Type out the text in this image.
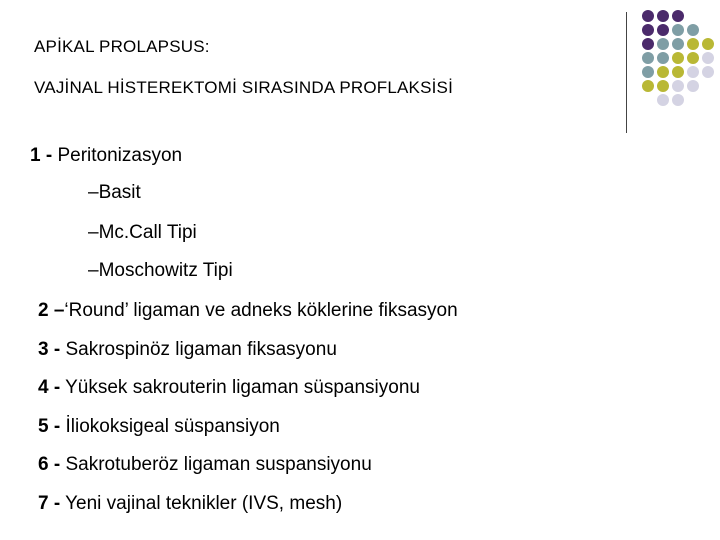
APİKAL PROLAPSUS:
VAJİNAL HİSTEREKTOMİ SIRASINDA PROFLAKSİSİ
1 - Peritonizasyon
–Basit
–Mc.Call Tipi
–Moschowitz Tipi
2 –‘Round’ ligaman ve adneks köklerine fiksasyon
3 - Sakrospinöz ligaman fiksasyonu
4 - Yüksek sakrouterin ligaman süspansiyonu
5 - İliokoksigeal süspansiyon
6 - Sakrotuberöz ligaman suspansiyonu
7 - Yeni vajinal teknikler (IVS, mesh)
